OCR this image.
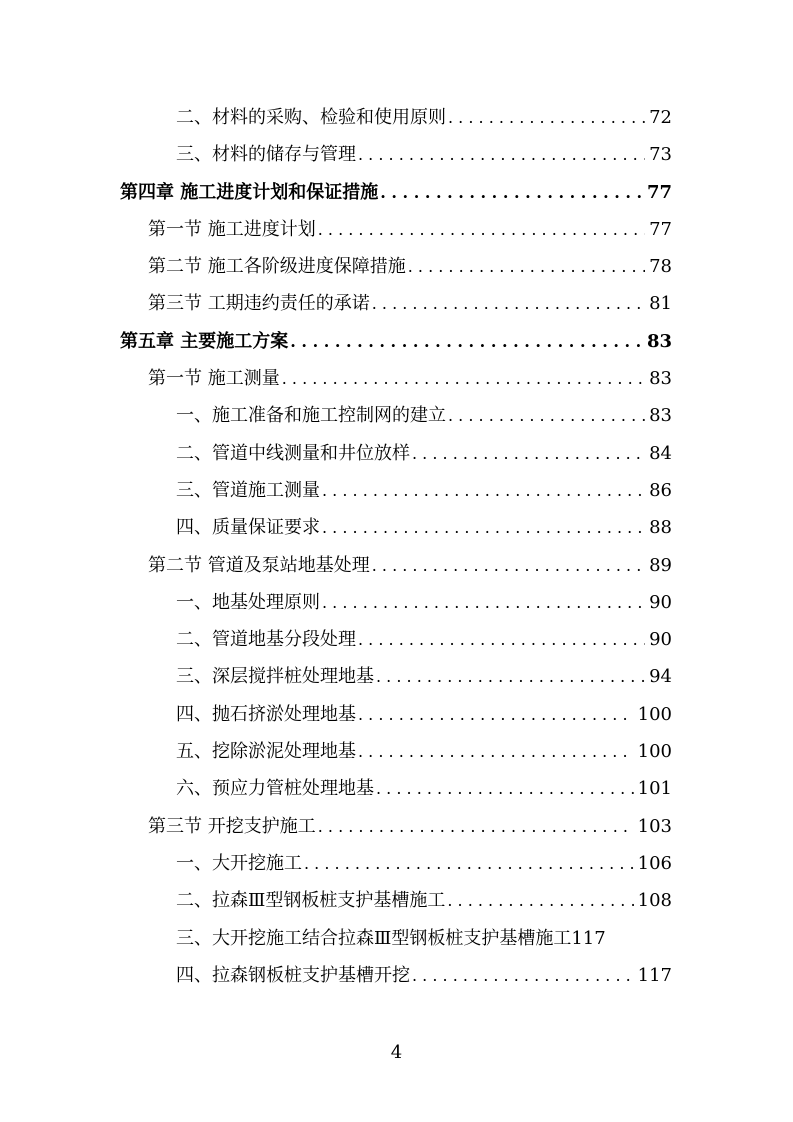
二、材料的采购、检验和使用原则 . . .	72
三、材料的储存与管理 . . .	73
第四章 施工进度计划和保证措施 . . .	77
第一节 施工进度计划 . . .	77
第二节 施工各阶级进度保障措施 . . .	78
第三节 工期违约责任的承诺 . . .	81
第五章 主要施工方案 . . .	83
第一节 施工测量 . . .	83
一、施工准备和施工控制网的建立 . . .	83
二、管道中线测量和井位放样 . . .	84
三、管道施工测量 . . .	86
四、质量保证要求 . . .	88
第二节 管道及泵站地基处理 . . .	89
一、地基处理原则 . . .	90
二、管道地基分段处理 . . .	90
三、深层搅拌桩处理地基 . . .	94
四、抛石挤淤处理地基 . . .	100
五、挖除淤泥处理地基 . . .	100
六、预应力管桩处理地基 . . .	101
第三节 开挖支护施工 . . .	103
一、大开挖施工 . . .	106
二、拉森Ⅲ型钢板桩支护基槽施工 . . .	108
三、大开挖施工结合拉森Ⅲ型钢板桩支护基槽施工 117
四、拉森钢板桩支护基槽开挖 . . .	117
4
